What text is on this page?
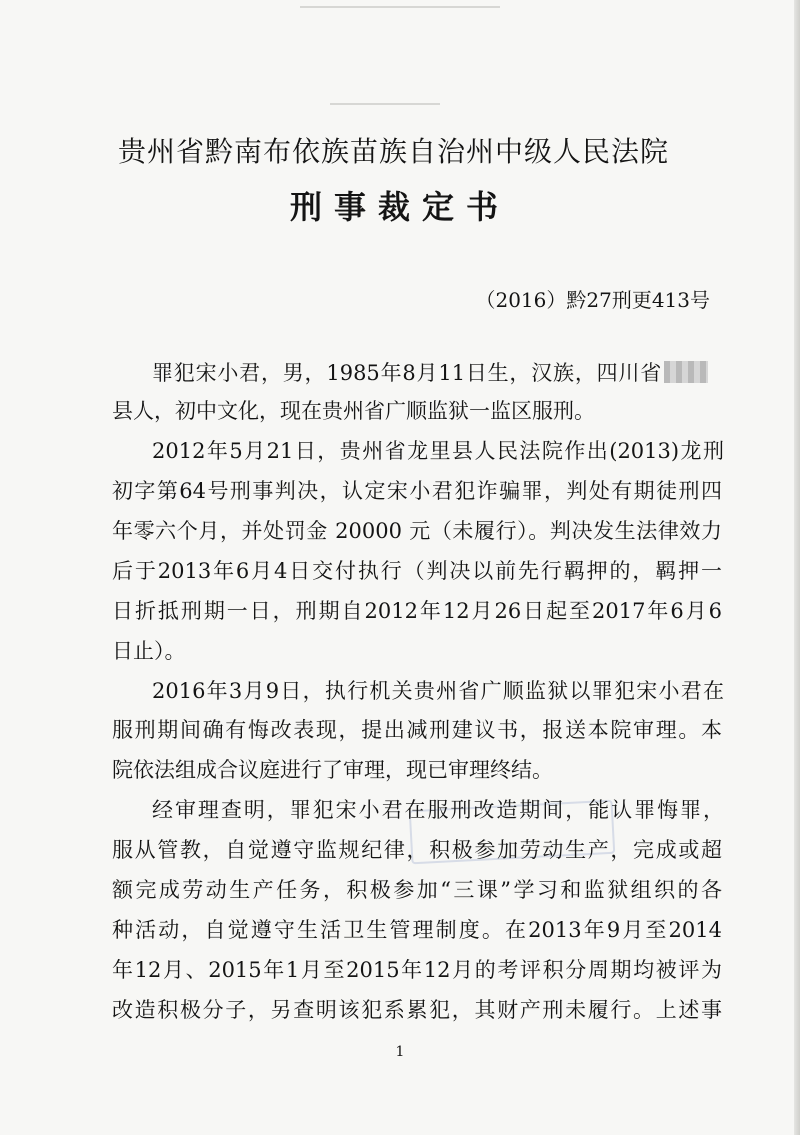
贵州省黔南布依族苗族自治州中级人民法院
刑事裁定书
（2016）黔27刑更413号
罪犯宋小君，男，1985年8月11日生，汉族，四川省
县人，初中文化，现在贵州省广顺监狱一监区服刑。
2012年5月21日，贵州省龙里县人民法院作出(2013)龙刑
初字第64号刑事判决，认定宋小君犯诈骗罪，判处有期徒刑四
年零六个月，并处罚金 20000 元（未履行）。判决发生法律效力
后于2013年6月4日交付执行（判决以前先行羁押的，羁押一
日折抵刑期一日，刑期自2012年12月26日起至2017年6月6
日止）。
2016年3月9日，执行机关贵州省广顺监狱以罪犯宋小君在
服刑期间确有悔改表现，提出减刑建议书，报送本院审理。本
院依法组成合议庭进行了审理，现已审理终结。
经审理查明，罪犯宋小君在服刑改造期间，能认罪悔罪，
服从管教，自觉遵守监规纪律，积极参加劳动生产，完成或超
额完成劳动生产任务，积极参加“三课”学习和监狱组织的各
种活动，自觉遵守生活卫生管理制度。在2013年9月至2014
年12月、2015年1月至2015年12月的考评积分周期均被评为
改造积极分子，另查明该犯系累犯，其财产刑未履行。上述事
1
